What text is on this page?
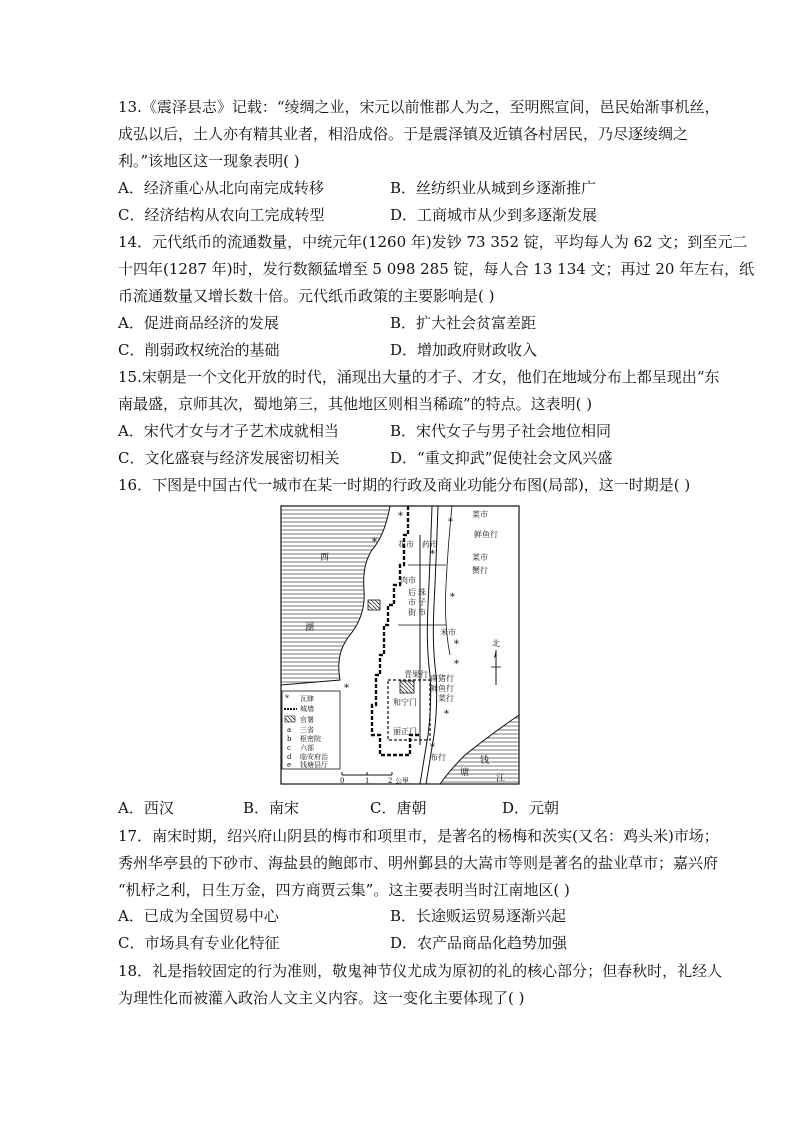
13.《震泽县志》记载：“绫绸之业，宋元以前惟郡人为之，至明熙宣间，邑民始渐事机丝，
成弘以后，土人亦有精其业者，相沿成俗。于是震泽镇及近镇各村居民，乃尽逐绫绸之
利。”该地区这一现象表明( )
A．经济重心从北向南完成转移	B．丝纺织业从城到乡逐渐推广
C．经济结构从农向工完成转型	D．工商城市从少到多逐渐发展
14．元代纸币的流通数量，中统元年(1260 年)发钞 73 352 锭，平均每人为 62 文；到至元二
十四年(1287 年)时，发行数额猛增至 5 098 285 锭，每人合 13 134 文；再过 20 年左右，纸
币流通数量又增长数十倍。元代纸币政策的主要影响是( )
A．促进商品经济的发展	B．扩大社会贫富差距
C．削弱政权统治的基础	D．增加政府财政收入
15.宋朝是一个文化开放的时代，涌现出大量的才子、才女，他们在地域分布上都呈现出“东
南最盛，京师其次，蜀地第三，其他地区则相当稀疏”的特点。这表明( )
A．宋代才女与才子艺术成就相当	B．宋代女子与男子社会地位相同
C．文化盛衰与经济发展密切相关	D．“重文抑武”促使社会文风兴盛
16．下图是中国古代一城市在某一时期的行政及商业功能分布图(局部)，这一时期是( )
西
湖
钱
塘
江
花市 药市
肉市
后
市
街
珠
子
市
菜市
鲜鱼行
菜市
蟹行
米市
青果行 南猪行
鲜鱼行
菜行
布行
和宁门
丽正门
*
*
*
*
*
*
*
*
*
*
北
* 瓦肆
城墙
官署
a 三省
b 枢密院
c 六部
d 临安府治
e 钱塘县厅
0	1	2 公里
A．西汉	B．南宋	C．唐朝	D．元朝
17．南宋时期，绍兴府山阴县的梅市和项里市，是著名的杨梅和茨实(又名：鸡头米)市场；
秀州华亭县的下砂市、海盐县的鲍郎市、明州鄞县的大嵩市等则是著名的盐业草市；嘉兴府
“机杼之利，日生万金，四方商贾云集”。这主要表明当时江南地区( )
A．已成为全国贸易中心	B．长途贩运贸易逐渐兴起
C．市场具有专业化特征	D．农产品商品化趋势加强
18．礼是指较固定的行为准则，敬鬼神节仪尤成为原初的礼的核心部分；但春秋时，礼经人
为理性化而被灌入政治人文主义内容。这一变化主要体现了( )
